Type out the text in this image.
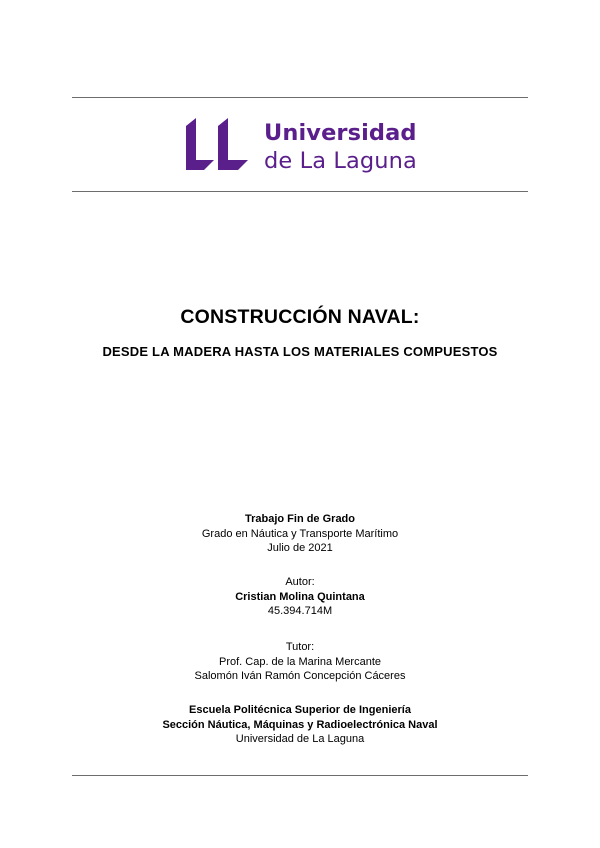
Universidad
de La Laguna
CONSTRUCCIÓN NAVAL:
DESDE LA MADERA HASTA LOS MATERIALES COMPUESTOS
Trabajo Fin de Grado
Grado en Náutica y Transporte Marítimo
Julio de 2021
Autor:
Cristian Molina Quintana
45.394.714M
Tutor:
Prof. Cap. de la Marina Mercante
Salomón Iván Ramón Concepción Cáceres
Escuela Politécnica Superior de Ingeniería
Sección Náutica, Máquinas y Radioelectrónica Naval
Universidad de La Laguna
